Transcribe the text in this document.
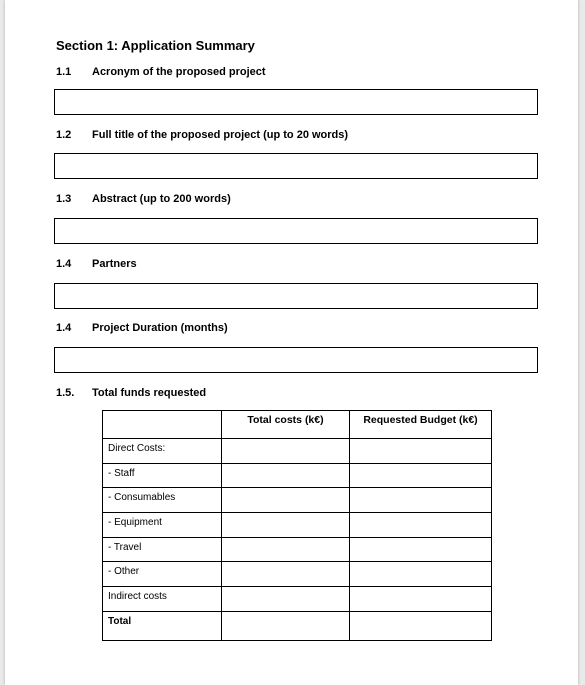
Section 1: Application Summary
1.1 Acronym of the proposed project
1.2 Full title of the proposed project (up to 20 words)
1.3 Abstract (up to 200 words)
1.4 Partners
1.4 Project Duration (months)
1.5. Total funds requested
	Total costs (k€)	Requested Budget (k€)
Direct Costs:		
- Staff		
- Consumables		
- Equipment		
- Travel		
- Other		
Indirect costs		
Total		
